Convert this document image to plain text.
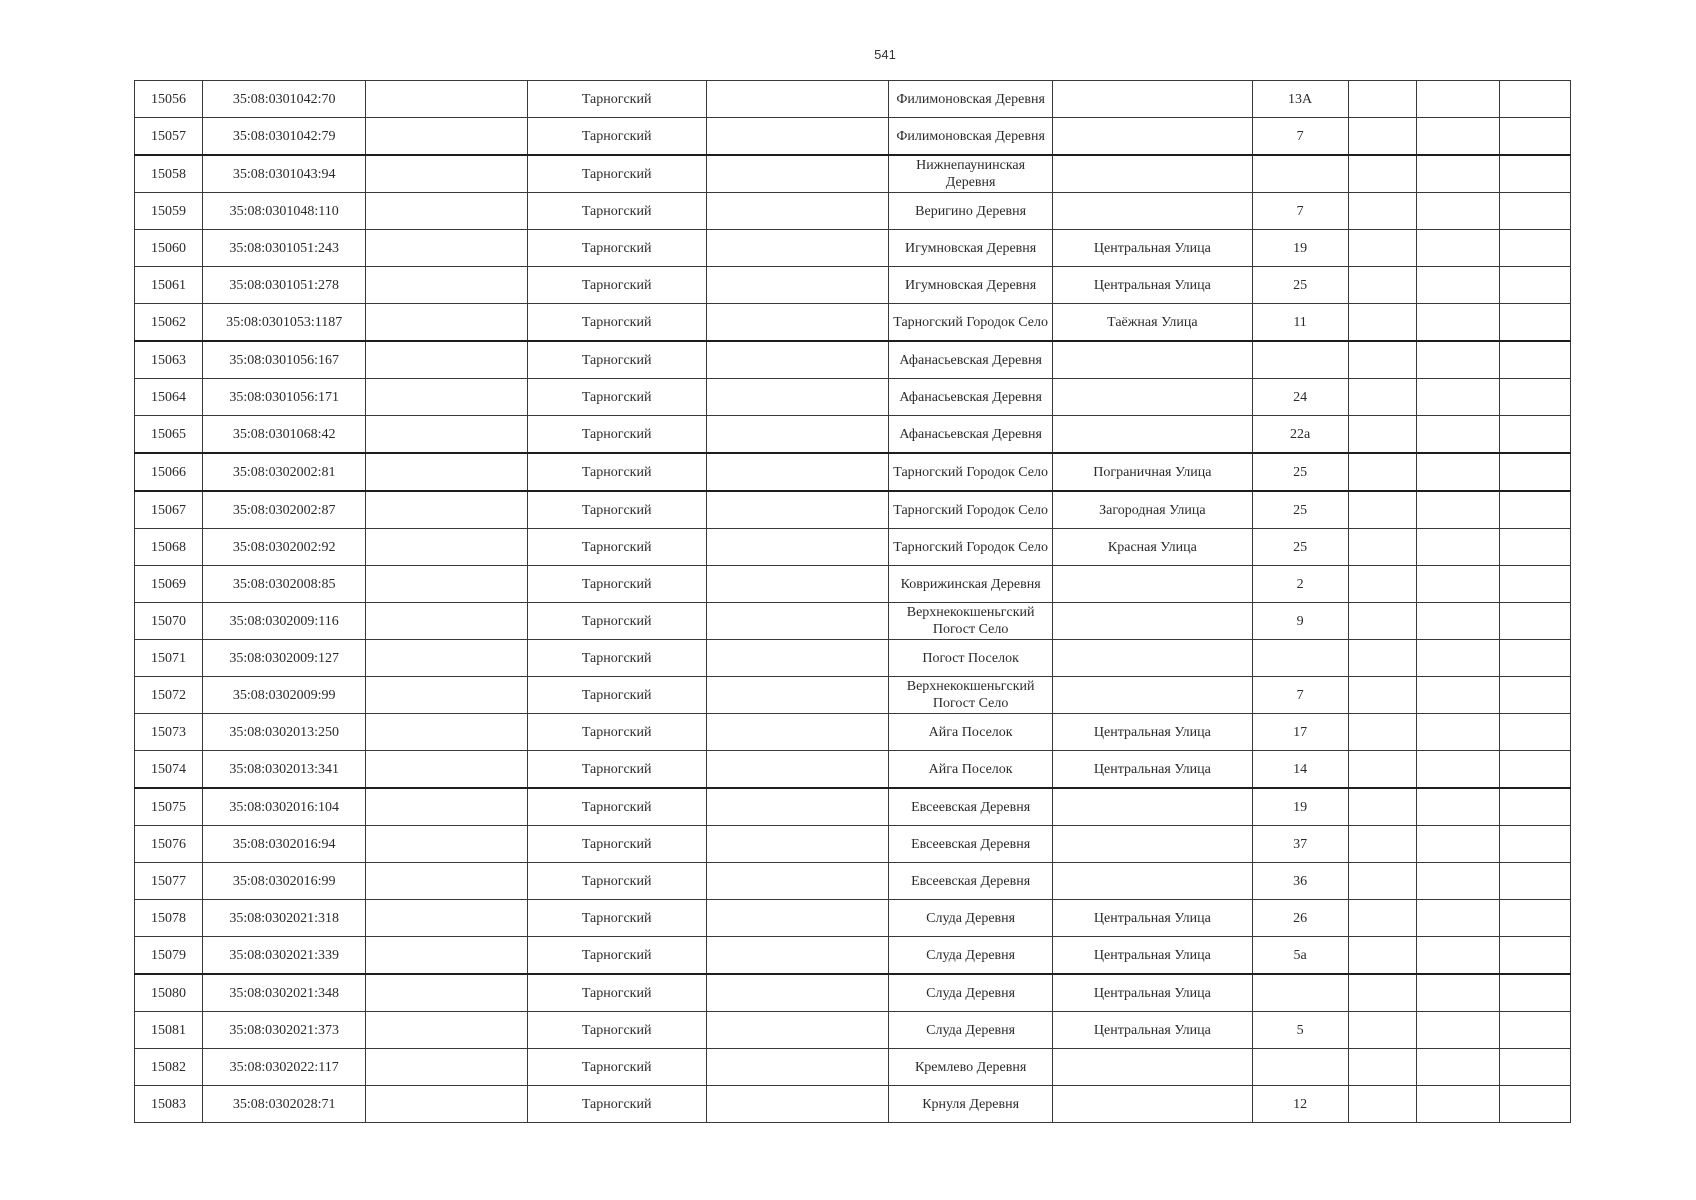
541
15056	35:08:0301042:70		Тарногский		Филимоновская Деревня		13А			
15057	35:08:0301042:79		Тарногский		Филимоновская Деревня		7			
15058	35:08:0301043:94		Тарногский		Нижнепаунинская Деревня					
15059	35:08:0301048:110		Тарногский		Веригино Деревня		7			
15060	35:08:0301051:243		Тарногский		Игумновская Деревня	Центральная Улица	19			
15061	35:08:0301051:278		Тарногский		Игумновская Деревня	Центральная Улица	25			
15062	35:08:0301053:1187		Тарногский		Тарногский Городок Село	Таёжная Улица	11			
15063	35:08:0301056:167		Тарногский		Афанасьевская Деревня					
15064	35:08:0301056:171		Тарногский		Афанасьевская Деревня		24			
15065	35:08:0301068:42		Тарногский		Афанасьевская Деревня		22а			
15066	35:08:0302002:81		Тарногский		Тарногский Городок Село	Пограничная Улица	25			
15067	35:08:0302002:87		Тарногский		Тарногский Городок Село	Загородная Улица	25			
15068	35:08:0302002:92		Тарногский		Тарногский Городок Село	Красная Улица	25			
15069	35:08:0302008:85		Тарногский		Коврижинская Деревня		2			
15070	35:08:0302009:116		Тарногский		Верхнекокшеньгский Погост Село		9			
15071	35:08:0302009:127		Тарногский		Погост Поселок					
15072	35:08:0302009:99		Тарногский		Верхнекокшеньгский Погост Село		7			
15073	35:08:0302013:250		Тарногский		Айга Поселок	Центральная Улица	17			
15074	35:08:0302013:341		Тарногский		Айга Поселок	Центральная Улица	14			
15075	35:08:0302016:104		Тарногский		Евсеевская Деревня		19			
15076	35:08:0302016:94		Тарногский		Евсеевская Деревня		37			
15077	35:08:0302016:99		Тарногский		Евсеевская Деревня		36			
15078	35:08:0302021:318		Тарногский		Слуда Деревня	Центральная Улица	26			
15079	35:08:0302021:339		Тарногский		Слуда Деревня	Центральная Улица	5а			
15080	35:08:0302021:348		Тарногский		Слуда Деревня	Центральная Улица				
15081	35:08:0302021:373		Тарногский		Слуда Деревня	Центральная Улица	5			
15082	35:08:0302022:117		Тарногский		Кремлево Деревня					
15083	35:08:0302028:71		Тарногский		Крнуля Деревня		12			
